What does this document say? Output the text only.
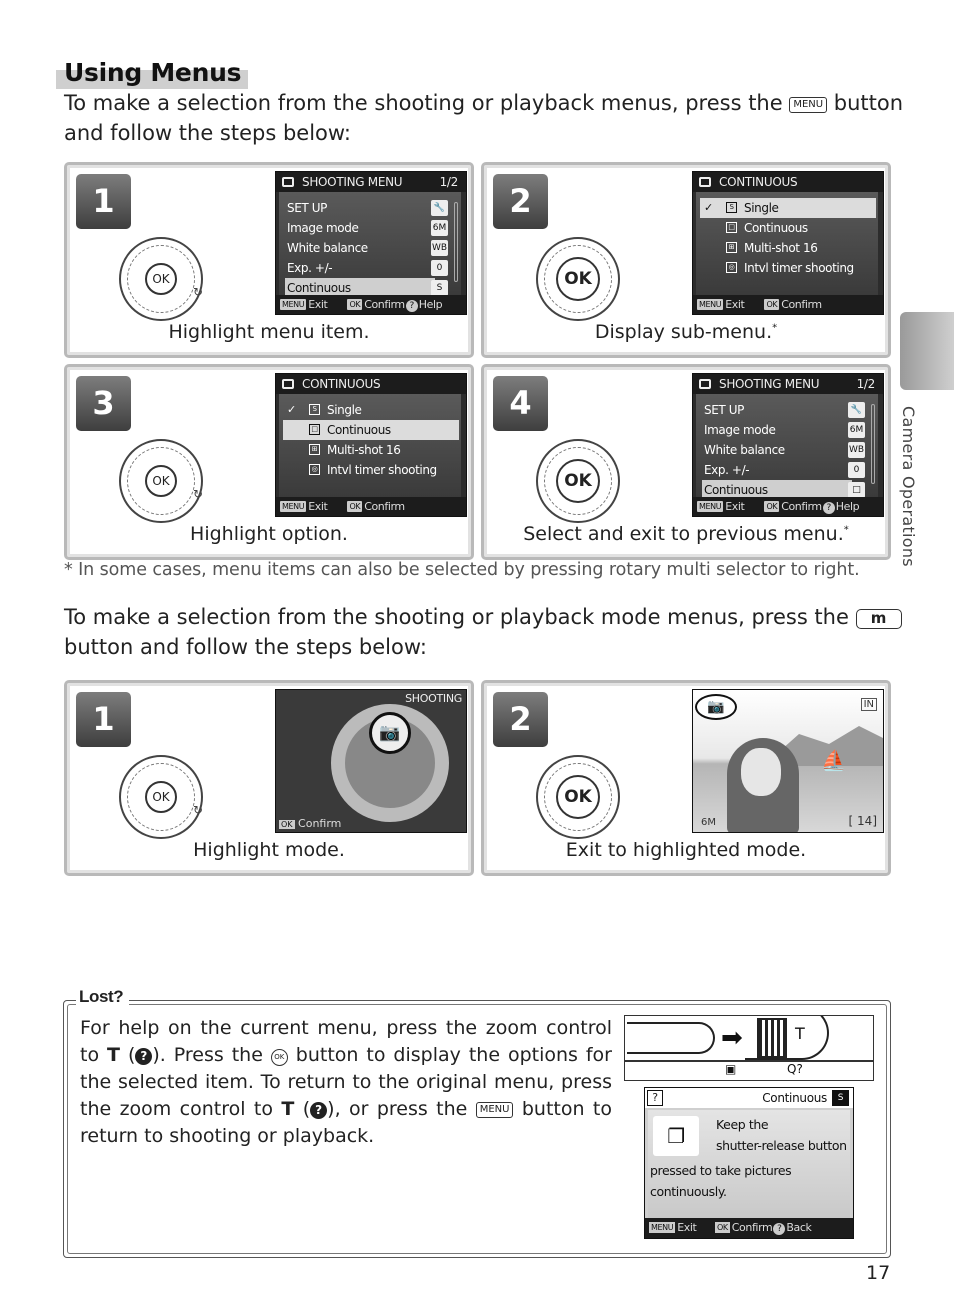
Using Menus
To make a selection from the shooting or playback menus, press the MENU button and follow the steps below:
1
OK
↻
SHOOTING MENU	1/2
SET UP
Image mode
White balance
Exp. +/-
Continuous
🔧
6M
WB
0
S
MENU Exit	OK Confirm ? Help
Highlight menu item.
2
OK
CONTINUOUS
✓	S Single
□ Continuous
⊞ Multi-shot 16
◎ Intvl timer shooting
MENU Exit	OK Confirm
Display sub-menu.*
3
OK
↻
CONTINUOUS
✓	S Single
□ Continuous
⊞ Multi-shot 16
◎ Intvl timer shooting
MENU Exit	OK Confirm
Highlight option.
4
OK
SHOOTING MENU	1/2
SET UP
Image mode
White balance
Exp. +/-
Continuous
🔧
6M
WB
0
□
MENU Exit	OK Confirm ? Help
Select and exit to previous menu.*
* In some cases, menu items can also be selected by pressing rotary multi selector to right.
To make a selection from the shooting or playback mode menus, press the m button and follow the steps below:
1
OK
↻
SHOOTING
📷
OK Confirm
Highlight mode.
2
OK
⛵
📷	IN
6M	[ 14]
Exit to highlighted mode.
Camera Operations
Lost?
For help on the current menu, press the zoom control to T ( ? ). Press the OK button to display the options for the selected item. To return to the original menu, press the zoom control to T ( ? ), or press the MENU button to return to shooting or playback.
➡	T
▣	Q?
?	Continuous	S
❐	Keep the
shutter-release button
pressed to take pictures
continuously.
MENU Exit	OK Confirm ? Back
17
